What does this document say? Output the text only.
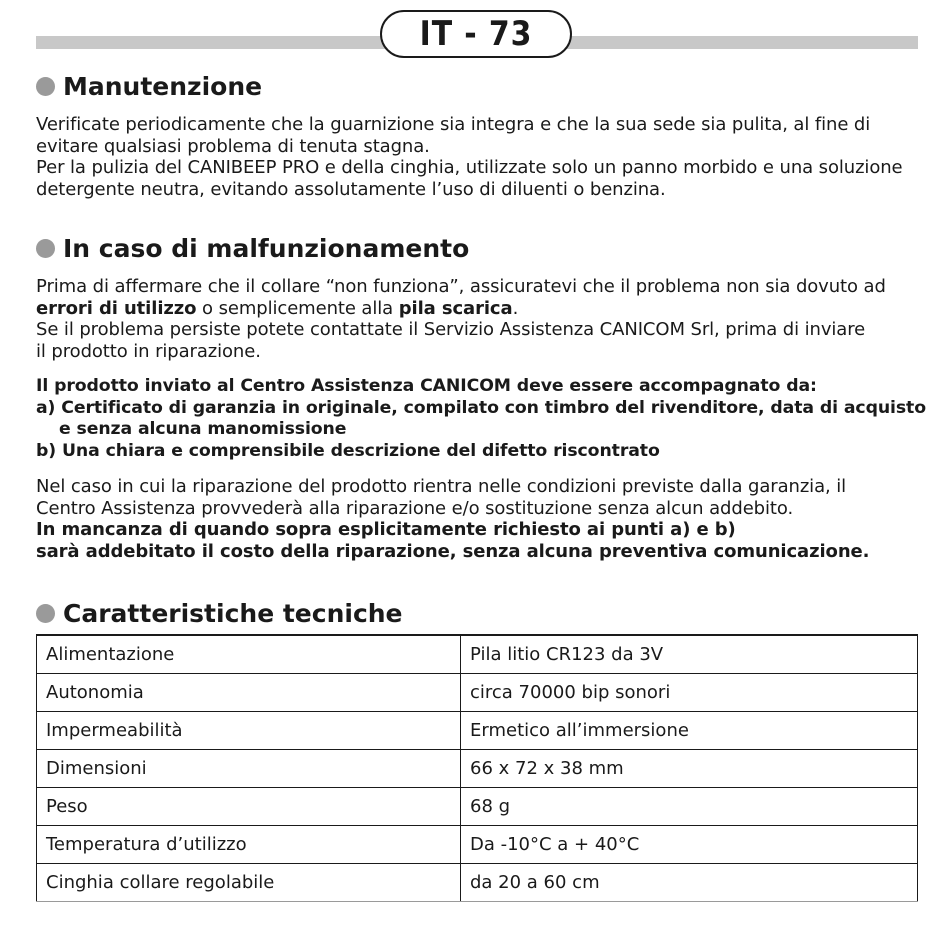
IT - 73
Manutenzione
Verificate periodicamente che la guarnizione sia integra e che la sua sede sia pulita, al fine di
evitare qualsiasi problema di tenuta stagna.
Per la pulizia del CANIBEEP PRO e della cinghia, utilizzate solo un panno morbido e una soluzione
detergente neutra, evitando assolutamente l’uso di diluenti o benzina.
In caso di malfunzionamento
Prima di affermare che il collare “non funziona”, assicuratevi che il problema non sia dovuto ad
errori di utilizzo o semplicemente alla pila scarica.
Se il problema persiste potete contattate il Servizio Assistenza CANICOM Srl, prima di inviare
il prodotto in riparazione.
Il prodotto inviato al Centro Assistenza CANICOM deve essere accompagnato da:
a) Certificato di garanzia in originale, compilato con timbro del rivenditore, data di acquisto
e senza alcuna manomissione
b) Una chiara e comprensibile descrizione del difetto riscontrato
Nel caso in cui la riparazione del prodotto rientra nelle condizioni previste dalla garanzia, il
Centro Assistenza provvederà alla riparazione e/o sostituzione senza alcun addebito.
In mancanza di quando sopra esplicitamente richiesto ai punti a) e b)
sarà addebitato il costo della riparazione, senza alcuna preventiva comunicazione.
Caratteristiche tecniche
Alimentazione	Pila litio CR123 da 3V
Autonomia	circa 70000 bip sonori
Impermeabilità	Ermetico all’immersione
Dimensioni	66 x 72 x 38 mm
Peso	68 g
Temperatura d’utilizzo	Da -10°C a + 40°C
Cinghia collare regolabile	da 20 a 60 cm
